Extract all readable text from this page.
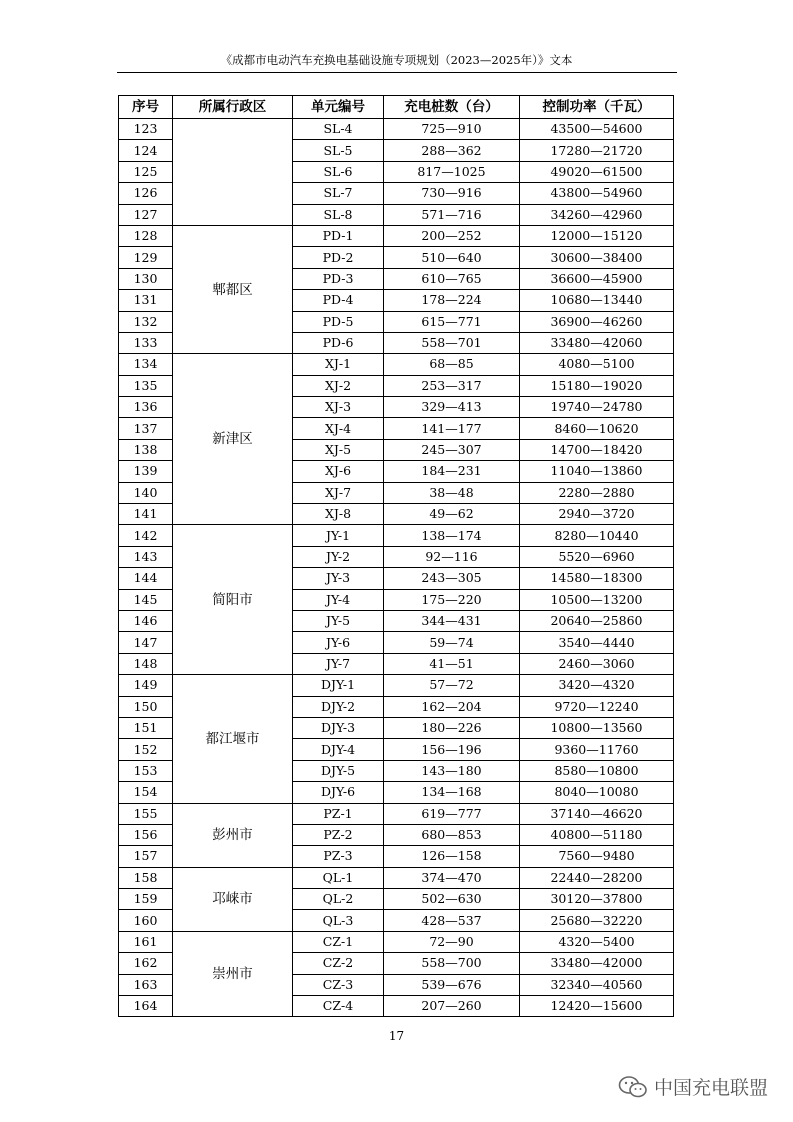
《成都市电动汽车充换电基础设施专项规划（2023—2025年）》文本
序号	所属行政区	单元编号	充电桩数（台）	控制功率（千瓦）
123		SL-4	725—910	43500—54600
124		SL-5	288—362	17280—21720
125		SL-6	817—1025	49020—61500
126		SL-7	730—916	43800—54960
127		SL-8	571—716	34260—42960
128	郫都区	PD-1	200—252	12000—15120
129		PD-2	510—640	30600—38400
130		PD-3	610—765	36600—45900
131		PD-4	178—224	10680—13440
132		PD-5	615—771	36900—46260
133		PD-6	558—701	33480—42060
134	新津区	XJ-1	68—85	4080—5100
135		XJ-2	253—317	15180—19020
136		XJ-3	329—413	19740—24780
137		XJ-4	141—177	8460—10620
138		XJ-5	245—307	14700—18420
139		XJ-6	184—231	11040—13860
140		XJ-7	38—48	2280—2880
141		XJ-8	49—62	2940—3720
142	简阳市	JY-1	138—174	8280—10440
143		JY-2	92—116	5520—6960
144		JY-3	243—305	14580—18300
145		JY-4	175—220	10500—13200
146		JY-5	344—431	20640—25860
147		JY-6	59—74	3540—4440
148		JY-7	41—51	2460—3060
149	都江堰市	DJY-1	57—72	3420—4320
150		DJY-2	162—204	9720—12240
151		DJY-3	180—226	10800—13560
152		DJY-4	156—196	9360—11760
153		DJY-5	143—180	8580—10800
154		DJY-6	134—168	8040—10080
155	彭州市	PZ-1	619—777	37140—46620
156		PZ-2	680—853	40800—51180
157		PZ-3	126—158	7560—9480
158	邛崃市	QL-1	374—470	22440—28200
159		QL-2	502—630	30120—37800
160		QL-3	428—537	25680—32220
161	崇州市	CZ-1	72—90	4320—5400
162		CZ-2	558—700	33480—42000
163		CZ-3	539—676	32340—40560
164		CZ-4	207—260	12420—15600
17
中国充电联盟
